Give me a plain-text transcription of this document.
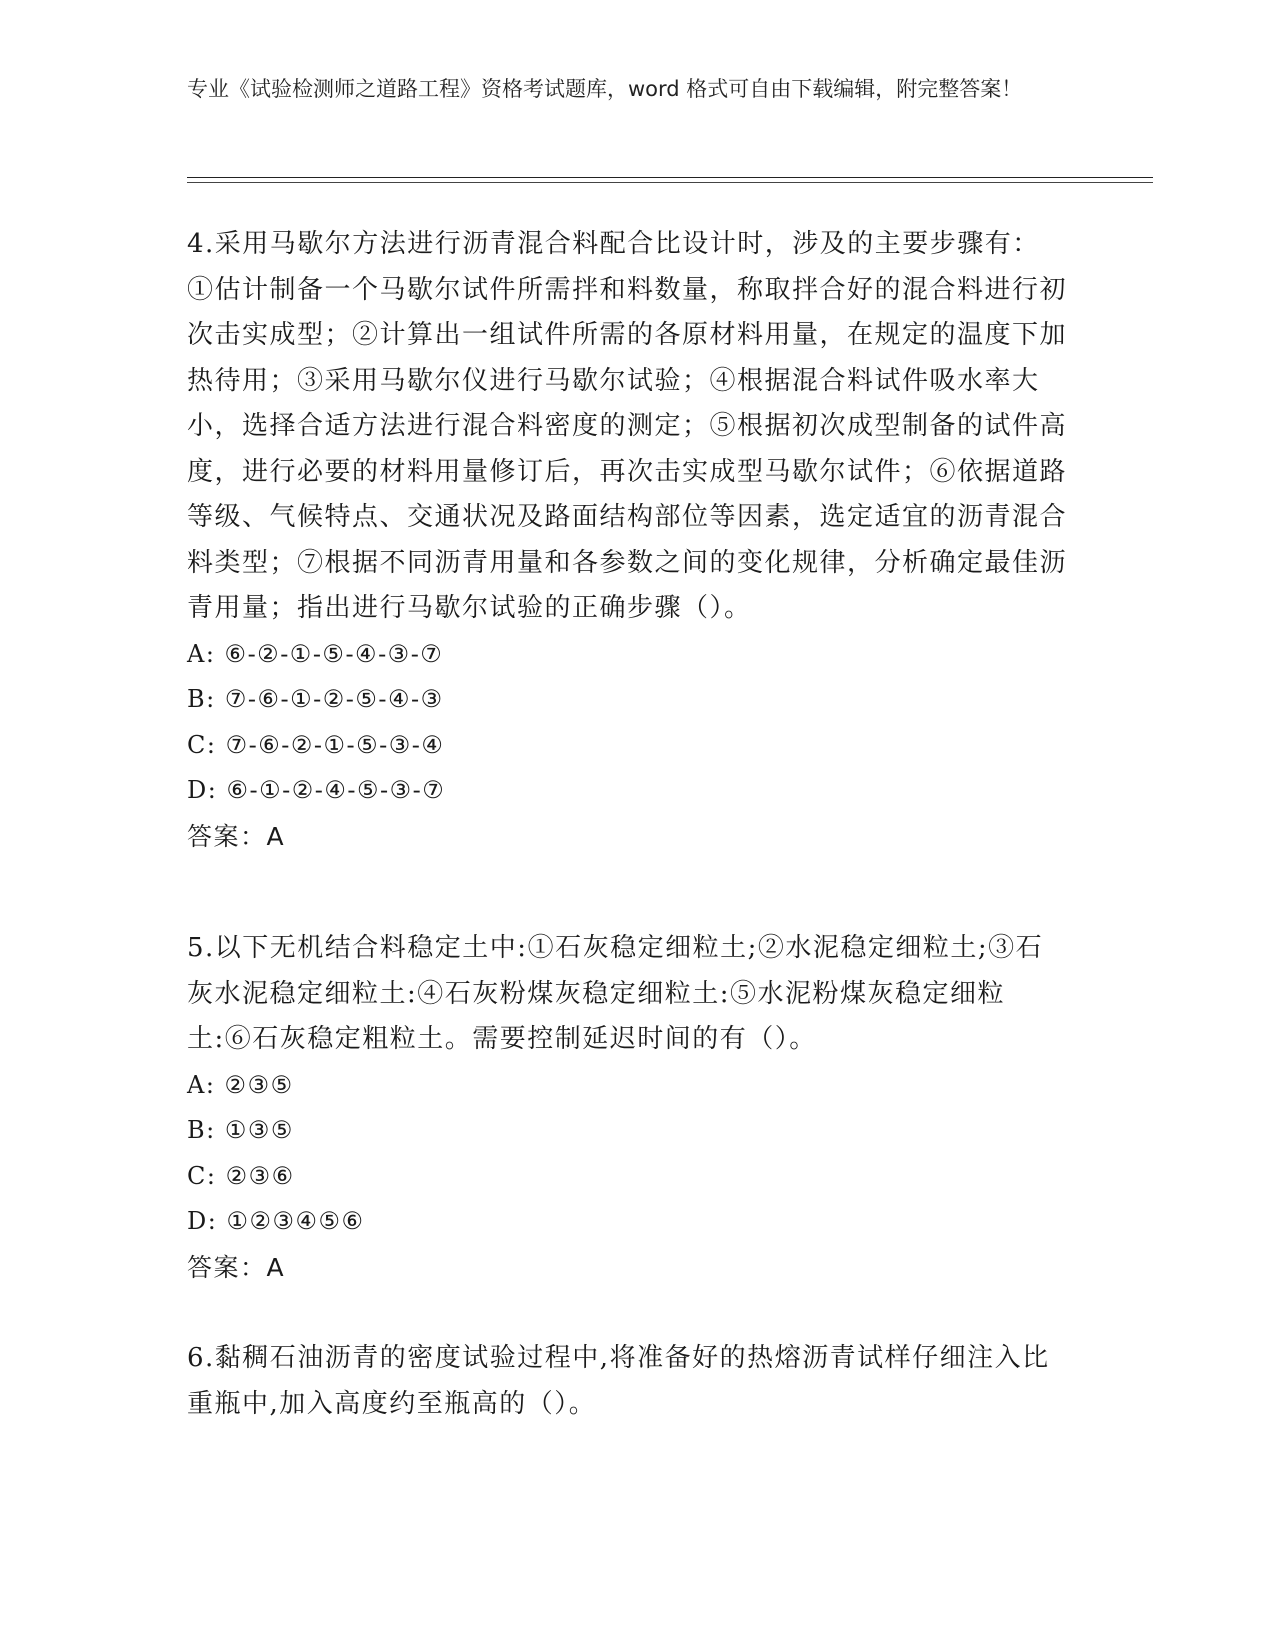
专业《试验检测师之道路工程》资格考试题库，word 格式可自由下载编辑，附完整答案！

4.采用马歇尔方法进行沥青混合料配合比设计时，涉及的主要步骤有：①估计制备一个马歇尔试件所需拌和料数量，称取拌合好的混合料进行初次击实成型；②计算出一组试件所需的各原材料用量，在规定的温度下加热待用；③采用马歇尔仪进行马歇尔试验；④根据混合料试件吸水率大小，选择合适方法进行混合料密度的测定；⑤根据初次成型制备的试件高度，进行必要的材料用量修订后，再次击实成型马歇尔试件；⑥依据道路等级、气候特点、交通状况及路面结构部位等因素，选定适宜的沥青混合料类型；⑦根据不同沥青用量和各参数之间的变化规律，分析确定最佳沥青用量；指出进行马歇尔试验的正确步骤（）。

A: ⑥-②-①-⑤-④-③-⑦

B: ⑦-⑥-①-②-⑤-④-③

C: ⑦-⑥-②-①-⑤-③-④

D: ⑥-①-②-④-⑤-③-⑦

答案：A

5.以下无机结合料稳定土中:①石灰稳定细粒土;②水泥稳定细粒土;③石灰水泥稳定细粒土:④石灰粉煤灰稳定细粒土:⑤水泥粉煤灰稳定细粒土:⑥石灰稳定粗粒土。需要控制延迟时间的有（）。

A: ②③⑤

B: ①③⑤

C: ②③⑥

D: ①②③④⑤⑥

答案：A

6.黏稠石油沥青的密度试验过程中,将准备好的热熔沥青试样仔细注入比重瓶中,加入高度约至瓶高的（）。
